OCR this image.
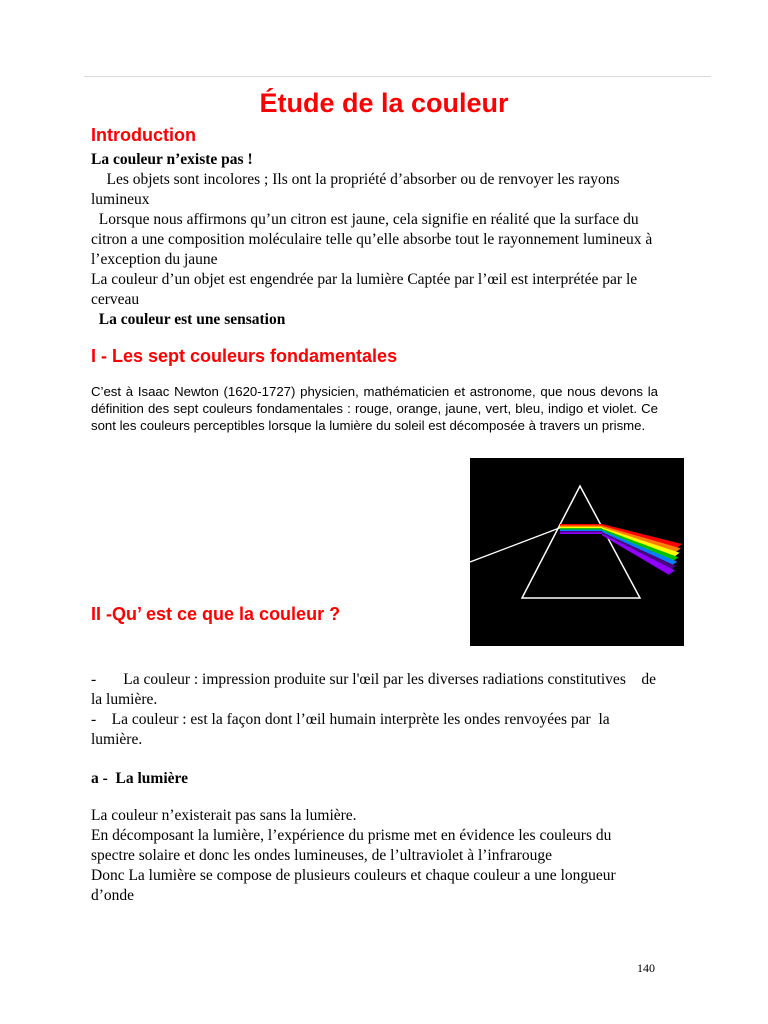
Étude de la couleur
Introduction

La couleur n’existe pas !

Les objets sont incolores ; Ils ont la propriété d’absorber ou de renvoyer les rayons lumineux

Lorsque nous affirmons qu’un citron est jaune, cela signifie en réalité que la surface du citron a une composition moléculaire telle qu’elle absorbe tout le rayonnement lumineux à l’exception du jaune

La couleur d’un objet est engendrée par la lumière Captée par l’œil est interprétée par le cerveau

La couleur est une sensation

I - Les sept couleurs fondamentales

C’est à Isaac Newton (1620-1727) physicien, mathématicien et astronome, que nous devons la définition des sept couleurs fondamentales : rouge, orange, jaune, vert, bleu, indigo et violet. Ce sont les couleurs perceptibles lorsque la lumière du soleil est décomposée à travers un prisme.

II -Qu’ est ce que la couleur ?

-       La couleur : impression produite sur l'œil par les diverses radiations constitutives    de la lumière.

-    La couleur : est la façon dont l’œil humain interprète les ondes renvoyées par  la   lumière.

a -  La lumière

La couleur n’existerait pas sans la lumière.

En décomposant la lumière, l’expérience du prisme met en évidence les couleurs du spectre solaire et donc les ondes lumineuses, de l’ultraviolet à l’infrarouge

Donc La lumière se compose de plusieurs couleurs et chaque couleur a une longueur d’onde

140
